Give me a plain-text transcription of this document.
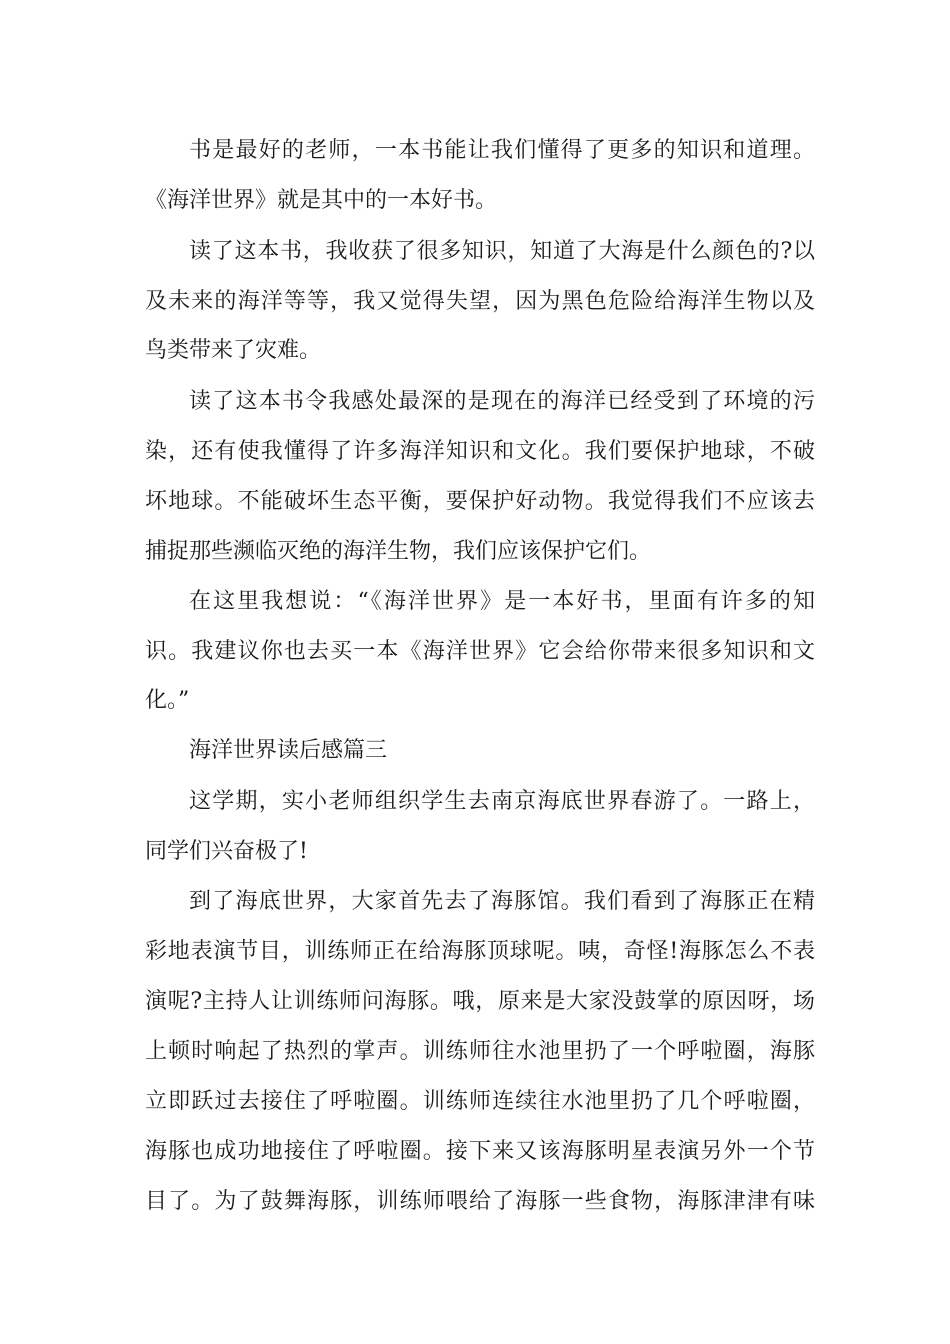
书是最好的老师，一本书能让我们懂得了更多的知识和道理。

《海洋世界》就是其中的一本好书。

读了这本书，我收获了很多知识，知道了大海是什么颜色的?以

及未来的海洋等等，我又觉得失望，因为黑色危险给海洋生物以及

鸟类带来了灾难。

读了这本书令我感处最深的是现在的海洋已经受到了环境的污

染，还有使我懂得了许多海洋知识和文化。我们要保护地球，不破

坏地球。不能破坏生态平衡，要保护好动物。我觉得我们不应该去

捕捉那些濒临灭绝的海洋生物，我们应该保护它们。

在这里我想说：“《海洋世界》是一本好书，里面有许多的知

识。我建议你也去买一本《海洋世界》它会给你带来很多知识和文

化。”

海洋世界读后感篇三

这学期，实小老师组织学生去南京海底世界春游了。一路上，

同学们兴奋极了!

到了海底世界，大家首先去了海豚馆。我们看到了海豚正在精

彩地表演节目，训练师正在给海豚顶球呢。咦，奇怪!海豚怎么不表

演呢?主持人让训练师问海豚。哦，原来是大家没鼓掌的原因呀，场

上顿时响起了热烈的掌声。训练师往水池里扔了一个呼啦圈，海豚

立即跃过去接住了呼啦圈。训练师连续往水池里扔了几个呼啦圈，

海豚也成功地接住了呼啦圈。接下来又该海豚明星表演另外一个节

目了。为了鼓舞海豚，训练师喂给了海豚一些食物，海豚津津有味
